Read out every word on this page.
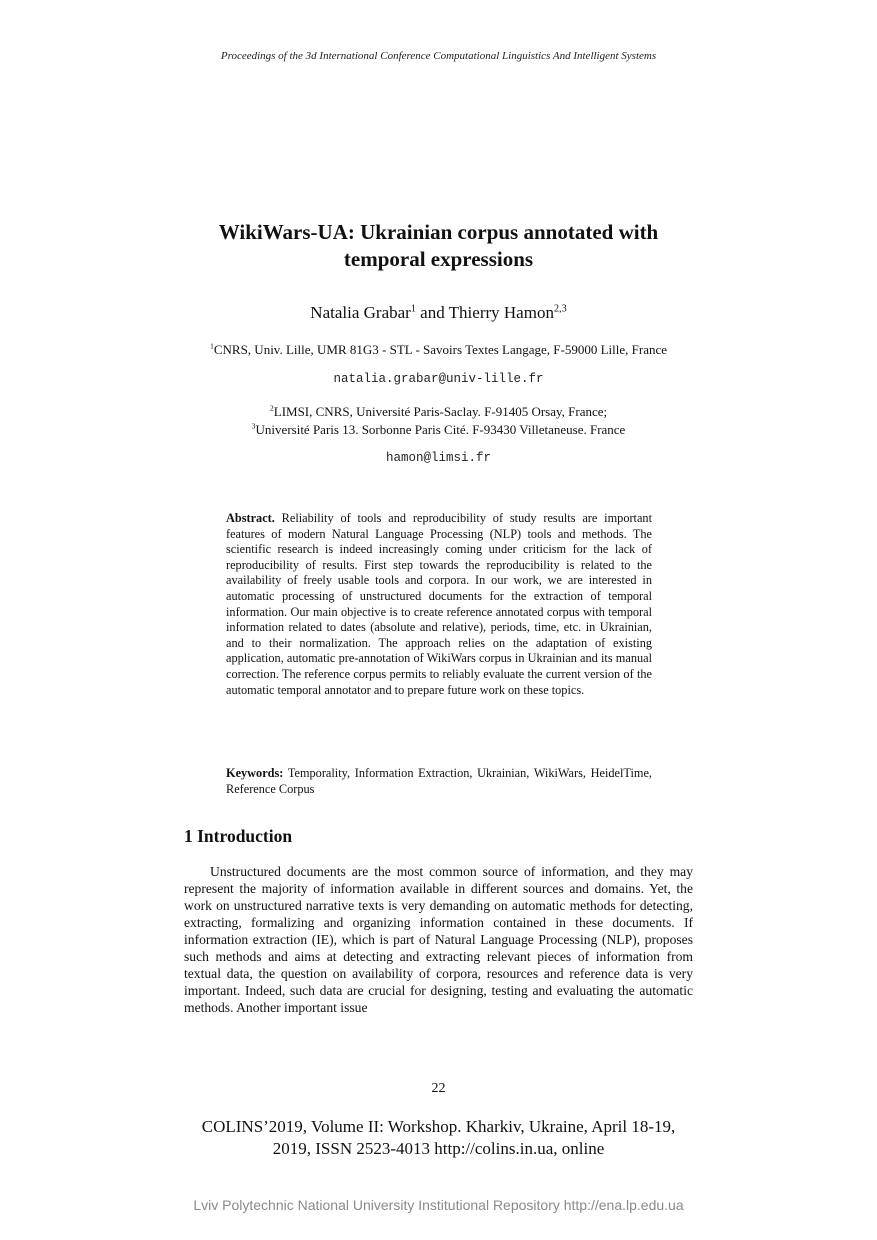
Proceedings of the 3d International Conference Computational Linguistics And Intelligent Systems
WikiWars-UA: Ukrainian corpus annotated with
temporal expressions
Natalia Grabar$^1$ and Thierry Hamon$^{2,3}$
$^1$CNRS, Univ. Lille, UMR 81G3 - STL - Savoirs Textes Langage, F-59000 Lille, France
natalia.grabar@univ-lille.fr
$^2$LIMSI, CNRS, Université Paris-Saclay. F-91405 Orsay, France;
$^3$Université Paris 13. Sorbonne Paris Cité. F-93430 Villetaneuse. France
hamon@limsi.fr
Abstract. Reliability of tools and reproducibility of study results are important features of modern Natural Language Processing (NLP) tools and methods. The scientific research is indeed increasingly coming under criticism for the lack of reproducibility of results. First step towards the reproducibility is related to the availability of freely usable tools and corpora. In our work, we are interested in automatic processing of unstructured documents for the extraction of temporal information. Our main objective is to create reference annotated corpus with temporal information related to dates (absolute and relative), periods, time, etc. in Ukrainian, and to their normalization. The approach relies on the adaptation of existing application, automatic pre-annotation of WikiWars corpus in Ukrainian and its manual correction. The reference corpus permits to reliably evaluate the current version of the automatic temporal annotator and to prepare future work on these topics.
Keywords: Temporality, Information Extraction, Ukrainian, WikiWars, HeidelTime, Reference Corpus
1 Introduction
Unstructured documents are the most common source of information, and they may represent the majority of information available in different sources and domains. Yet, the work on unstructured narrative texts is very demanding on automatic methods for detecting, extracting, formalizing and organizing information contained in these documents. If information extraction (IE), which is part of Natural Language Processing (NLP), proposes such methods and aims at detecting and extracting relevant pieces of information from textual data, the question on availability of corpora, resources and reference data is very important. Indeed, such data are crucial for designing, testing and evaluating the automatic methods. Another important issue
22
COLINS’2019, Volume II: Workshop. Kharkiv, Ukraine, April 18-19,
2019, ISSN 2523-4013 http://colins.in.ua, online
Lviv Polytechnic National University Institutional Repository http://ena.lp.edu.ua
